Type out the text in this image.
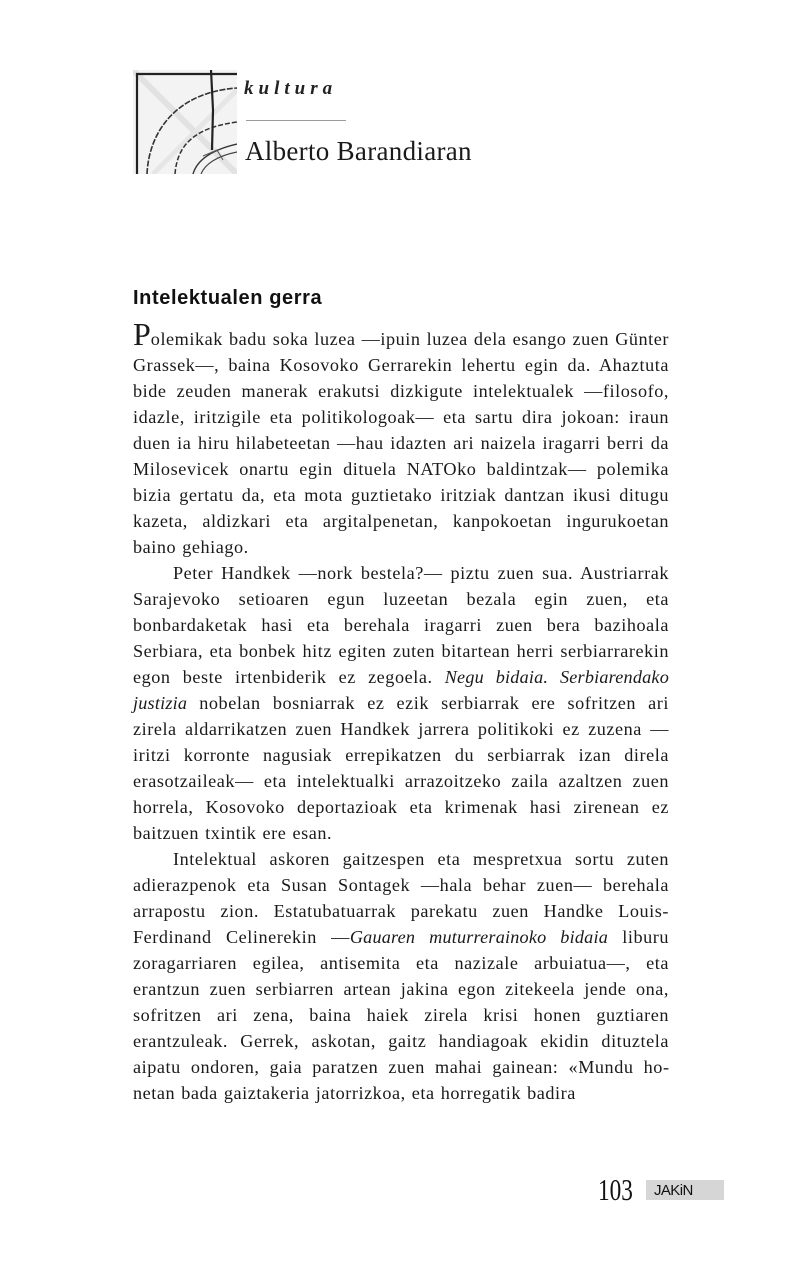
kultura
Alberto Barandiaran
Intelektualen gerra

Polemikak badu soka luzea —ipuin luzea dela esango zuen Günter Grassek—, baina Kosovoko Gerrarekin lehertu egin da. Ahaztuta bide zeuden manerak erakutsi dizkigute intelektualek —filosofo, idazle, iritzigile eta politikologoak— eta sartu dira jokoan: iraun duen ia hiru hilabeteetan —hau idazten ari naizela iragarri berri da Milosevicek onartu egin dituela NATOko baldintzak— polemika bizia gertatu da, eta mota guztietako iritziak dantzan ikusi ditugu kazeta, aldizkari eta argitalpenetan, kanpokoetan ingurukoetan baino gehiago.

Peter Handkek —nork bestela?— piztu zuen sua. Austriarrak Sarajevoko setioaren egun luzeetan bezala egin zuen, eta bonbardaketak hasi eta berehala iragarri zuen bera bazihoala Serbiara, eta bonbek hitz egiten zuten bitartean herri serbiarrarekin egon beste irtenbiderik ez zegoela. Negu bidaia. Serbiarendako justizia nobelan bosniarrak ez ezik serbiarrak ere sofritzen ari zirela aldarrikatzen zuen Handkek jarrera politikoki ez zuzena —iritzi korronte nagusiak errepikatzen du serbiarrak izan direla erasotzaileak— eta intelektualki arrazoitzeko zaila azaltzen zuen horrela, Kosovoko deportazioak eta krimenak hasi zirenean ez baitzuen txintik ere esan.

Intelektual askoren gaitzespen eta mespretxua sortu zuten adierazpenok eta Susan Sontagek —hala behar zuen— berehala arrapostu zion. Estatubatuarrak parekatu zuen Handke Louis-Ferdinand Celinerekin —Gauaren muturrerainoko bidaia liburu zoragarriaren egilea, antisemita eta nazizale arbuiatua—, eta erantzun zuen serbiarren artean jakina egon zitekeela jende ona, sofritzen ari zena, baina haiek zirela krisi honen guztiaren erantzuleak. Gerrek, askotan, gaitz handiagoak ekidin dituztela aipatu ondoren, gaia paratzen zuen mahai gainean: «Mundu honetan bada gaiztakeria jatorrizkoa, eta horregatik badira

103	JAKiN
